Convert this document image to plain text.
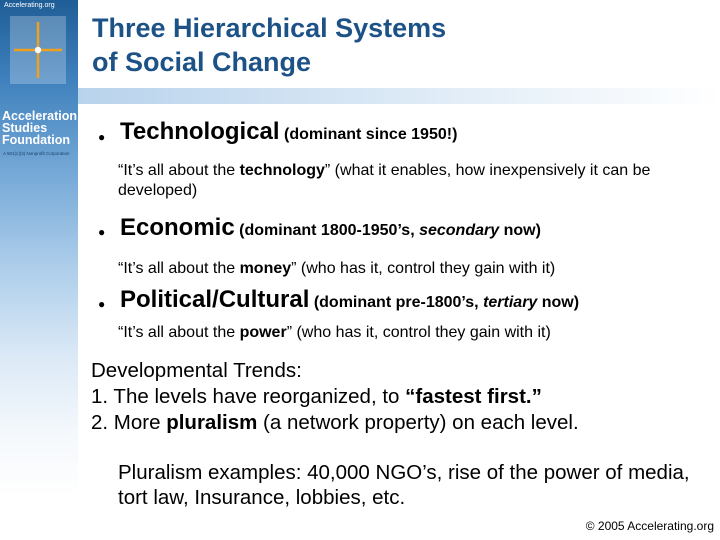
Accelerating.org
Acceleration
Studies
Foundation
A 501(c)(3) Nonprofit Corporation
Los Angeles
New York
Palo Alto
Three Hierarchical Systems
of Social Change
● Technological (dominant since 1950!)
“It’s all about the technology” (what it enables, how inexpensively it can be developed)
● Economic (dominant 1800-1950’s, secondary now)
“It’s all about the money” (who has it, control they gain with it)
● Political/Cultural (dominant pre-1800’s, tertiary now)
“It’s all about the power” (who has it, control they gain with it)
Developmental Trends:
1. The levels have reorganized, to “fastest first.”
2. More pluralism (a network property) on each level.
Pluralism examples: 40,000 NGO’s, rise of the power of media, tort law, Insurance, lobbies, etc.
© 2005 Accelerating.org
